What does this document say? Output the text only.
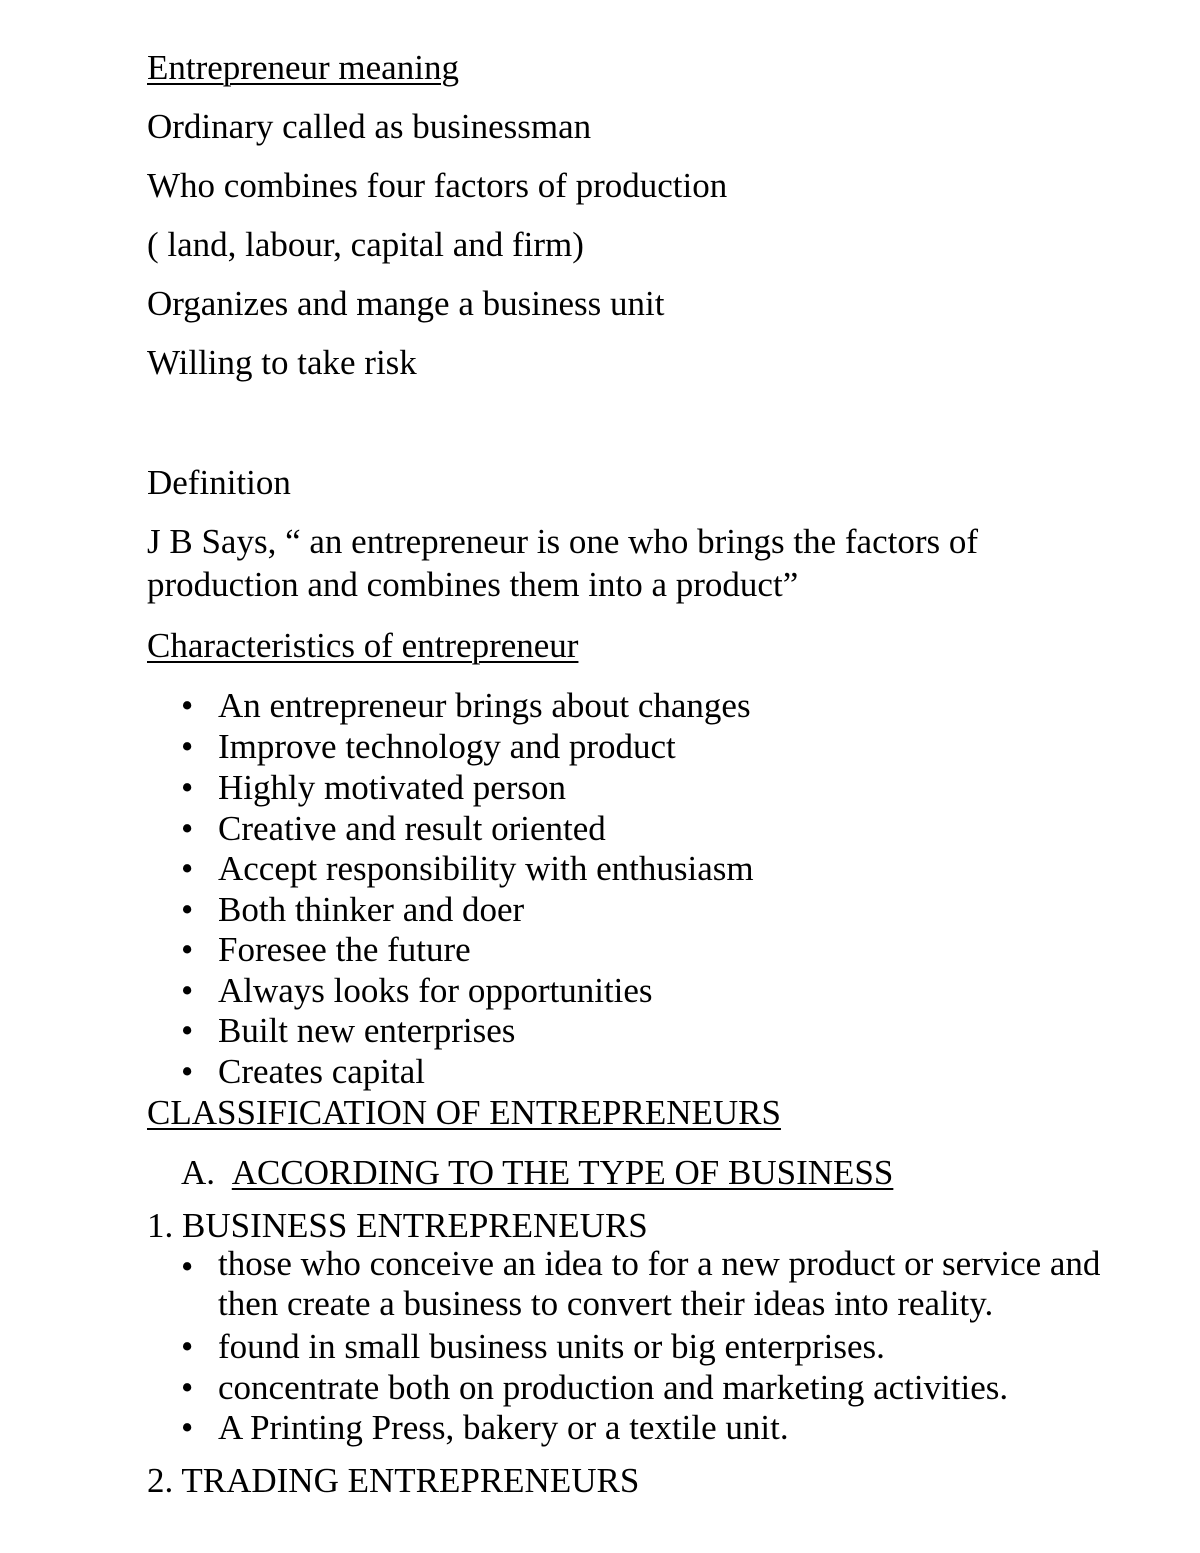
Entrepreneur meaning
Ordinary called as businessman
Who combines four factors of production
( land, labour, capital and firm)
Organizes and mange a business unit
Willing to take risk
Definition
J B Says, “ an entrepreneur is one who brings the factors of production and combines them into a product”
Characteristics of entrepreneur
• An entrepreneur brings about changes
• Improve technology and product
• Highly motivated person
• Creative and result oriented
• Accept responsibility with enthusiasm
• Both thinker and doer
• Foresee the future
• Always looks for opportunities
• Built new enterprises
• Creates capital
CLASSIFICATION OF ENTREPRENEURS
A. ACCORDING TO THE TYPE OF BUSINESS
1. BUSINESS ENTREPRENEURS
• those who conceive an idea to for a new product or service and then create a business to convert their ideas into reality.
• found in small business units or big enterprises.
• concentrate both on production and marketing activities.
• A Printing Press, bakery or a textile unit.
2. TRADING ENTREPRENEURS
